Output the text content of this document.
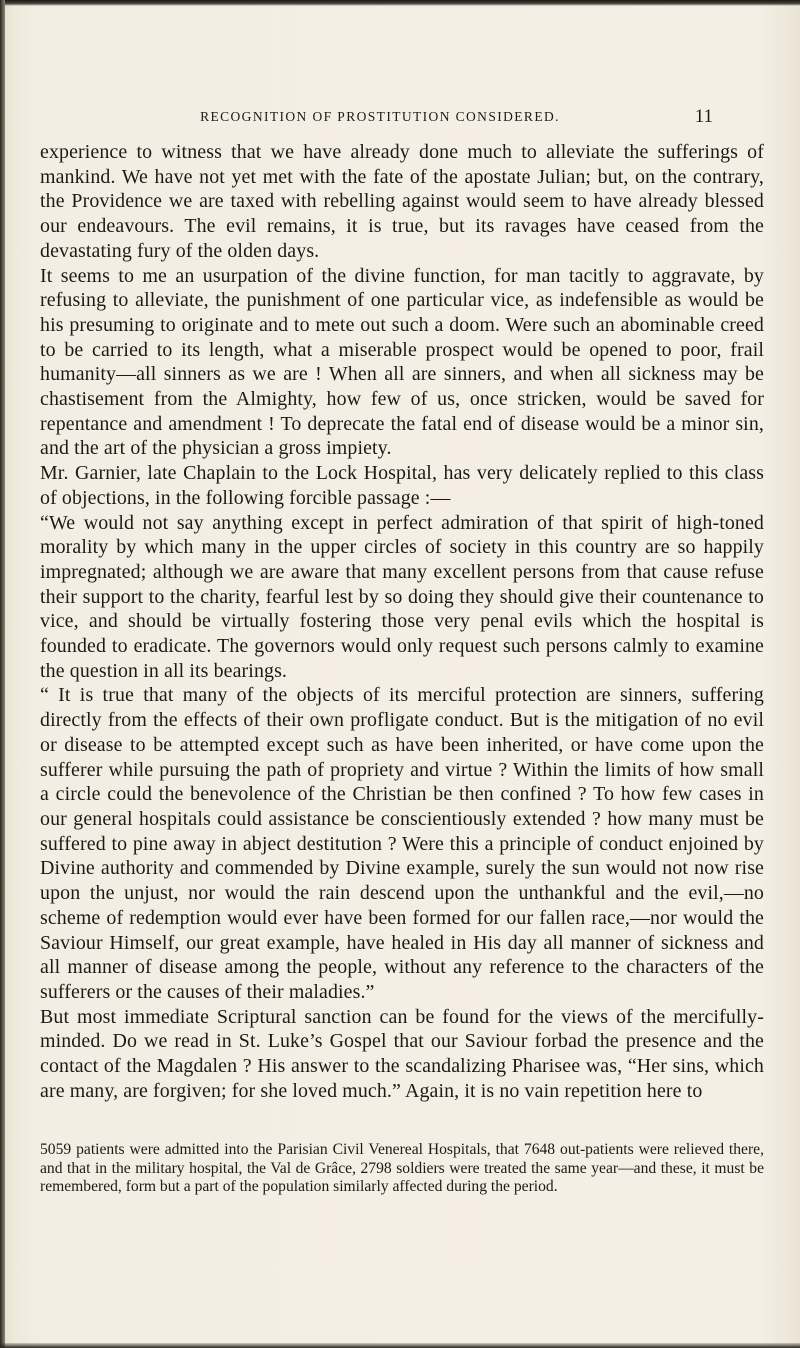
RECOGNITION OF PROSTITUTION CONSIDERED.	11

experience to witness that we have already done much to alleviate the sufferings of mankind. We have not yet met with the fate of the apostate Julian; but, on the contrary, the Providence we are taxed with rebelling against would seem to have already blessed our endeavours. The evil remains, it is true, but its ravages have ceased from the devastating fury of the olden days.

It seems to me an usurpation of the divine function, for man tacitly to aggravate, by refusing to alleviate, the punishment of one particular vice, as indefensible as would be his presuming to originate and to mete out such a doom. Were such an abominable creed to be carried to its length, what a miserable prospect would be opened to poor, frail humanity—all sinners as we are ! When all are sinners, and when all sickness may be chastisement from the Almighty, how few of us, once stricken, would be saved for repentance and amendment ! To deprecate the fatal end of disease would be a minor sin, and the art of the physician a gross impiety.

Mr. Garnier, late Chaplain to the Lock Hospital, has very delicately replied to this class of objections, in the following forcible passage :—

“We would not say anything except in perfect admiration of that spirit of high-toned morality by which many in the upper circles of society in this country are so happily impregnated; although we are aware that many excellent persons from that cause refuse their support to the charity, fearful lest by so doing they should give their countenance to vice, and should be virtually fostering those very penal evils which the hospital is founded to eradicate. The governors would only request such persons calmly to examine the question in all its bearings.

“ It is true that many of the objects of its merciful protection are sinners, suffering directly from the effects of their own profligate conduct. But is the mitigation of no evil or disease to be attempted except such as have been inherited, or have come upon the sufferer while pursuing the path of propriety and virtue ? Within the limits of how small a circle could the benevolence of the Christian be then confined ? To how few cases in our general hospitals could assistance be conscientiously extended ? how many must be suffered to pine away in abject destitution ? Were this a principle of conduct enjoined by Divine authority and commended by Divine example, surely the sun would not now rise upon the unjust, nor would the rain descend upon the unthankful and the evil,—no scheme of redemption would ever have been formed for our fallen race,—nor would the Saviour Himself, our great example, have healed in His day all manner of sickness and all manner of disease among the people, without any reference to the characters of the sufferers or the causes of their maladies.”

But most immediate Scriptural sanction can be found for the views of the mercifully-minded. Do we read in St. Luke’s Gospel that our Saviour forbad the presence and the contact of the Magdalen ? His answer to the scandalizing Pharisee was, “Her sins, which are many, are forgiven; for she loved much.” Again, it is no vain repetition here to

5059 patients were admitted into the Parisian Civil Venereal Hospitals, that 7648 out-patients were relieved there, and that in the military hospital, the Val de Grâce, 2798 soldiers were treated the same year—and these, it must be remembered, form but a part of the population similarly affected during the period.
